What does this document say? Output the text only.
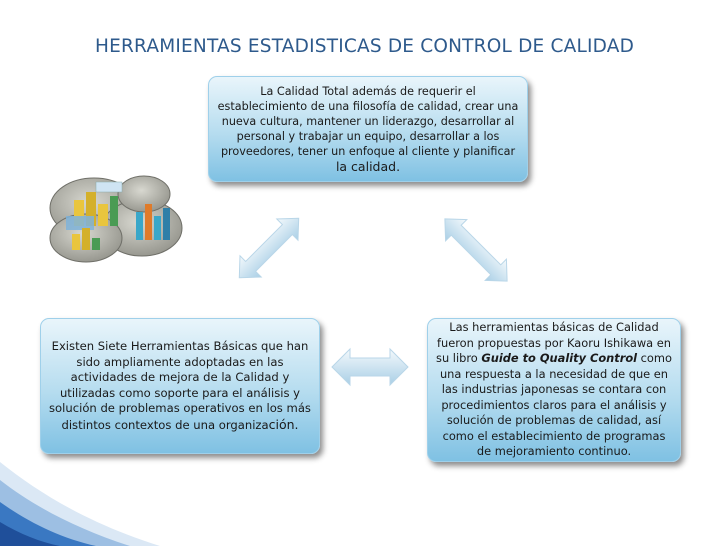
HERRAMIENTAS ESTADISTICAS DE CONTROL DE CALIDAD
La Calidad Total además de requerir el establecimiento de una filosofía de calidad, crear una nueva cultura, mantener un liderazgo, desarrollar al personal y trabajar un equipo, desarrollar a los proveedores, tener un enfoque al cliente y planificar la calidad.
Existen Siete Herramientas Básicas que han sido ampliamente adoptadas en las actividades de mejora de la Calidad y utilizadas como soporte para el análisis y solución de problemas operativos en los más distintos contextos de una organización.
Las herramientas básicas de Calidad fueron propuestas por Kaoru Ishikawa en su libro Guide to Quality Control como una respuesta a la necesidad de que en las industrias japonesas se contara con procedimientos claros para el análisis y solución de problemas de calidad, así como el establecimiento de programas de mejoramiento continuo.
